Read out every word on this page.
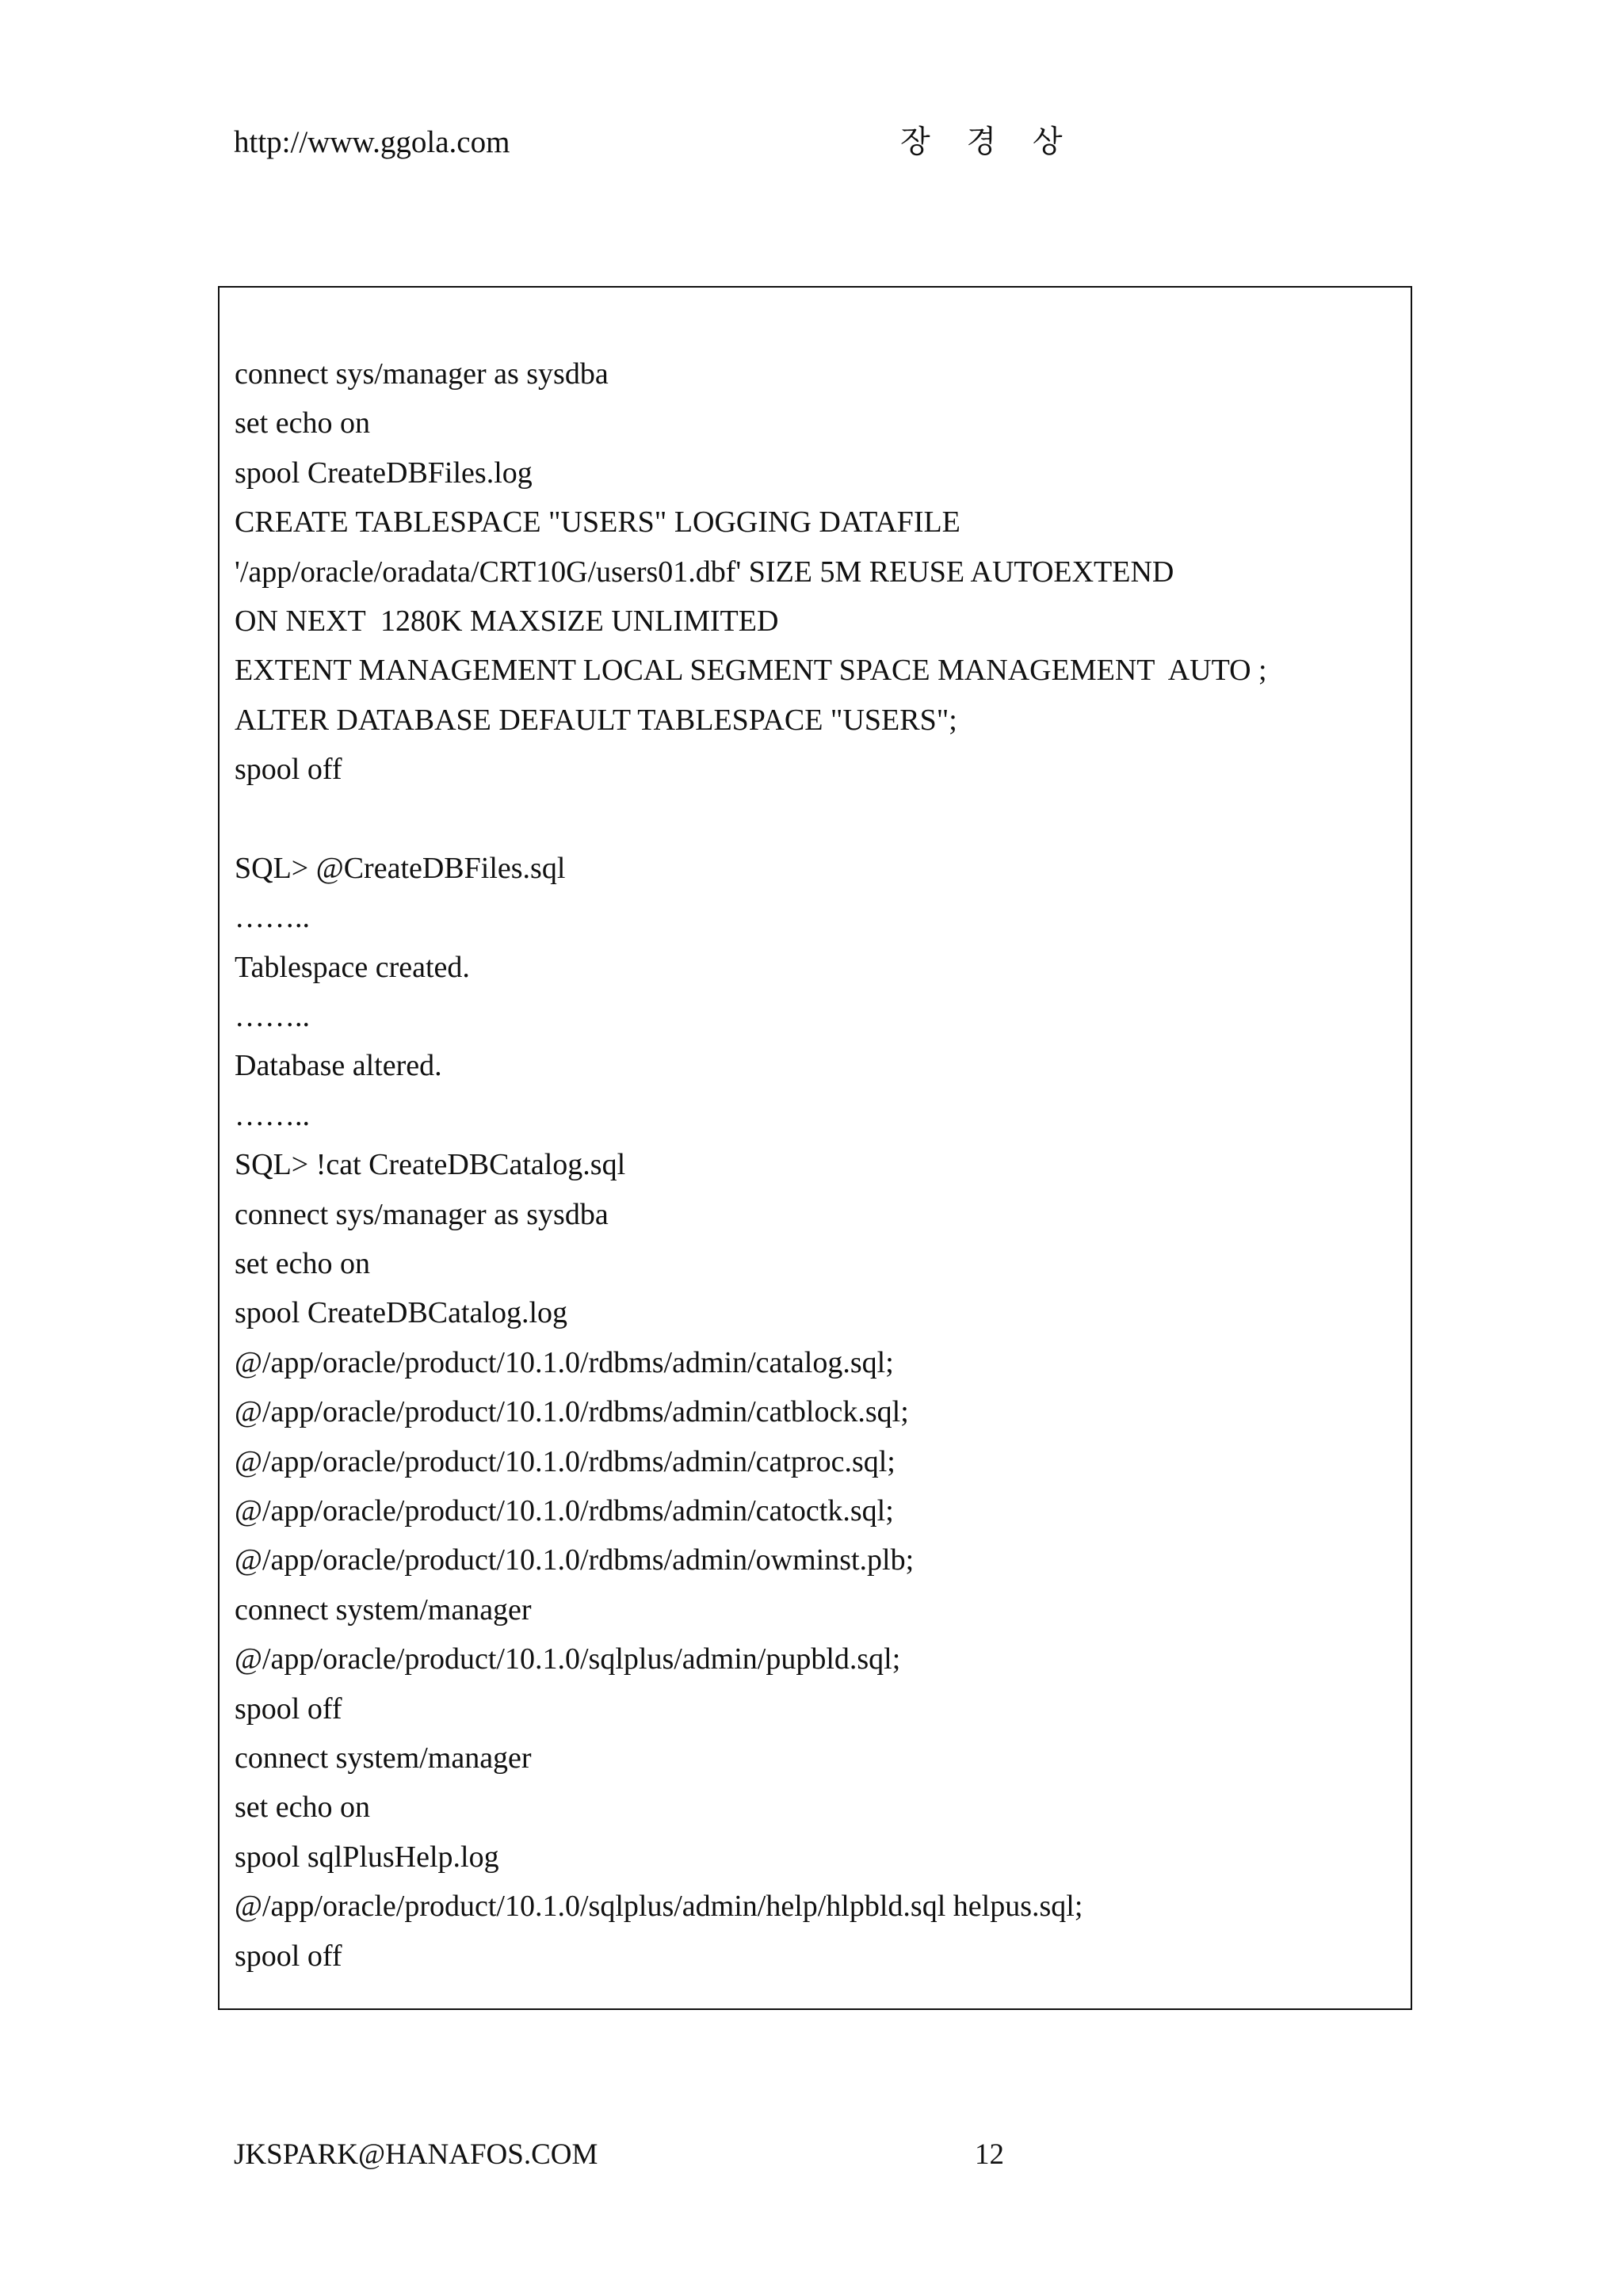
http://www.ggola.com	장 경 상
connect sys/manager as sysdba
set echo on
spool CreateDBFiles.log
CREATE TABLESPACE "USERS" LOGGING DATAFILE
'/app/oracle/oradata/CRT10G/users01.dbf' SIZE 5M REUSE AUTOEXTEND
ON NEXT  1280K MAXSIZE UNLIMITED
EXTENT MANAGEMENT LOCAL SEGMENT SPACE MANAGEMENT  AUTO ;
ALTER DATABASE DEFAULT TABLESPACE "USERS";
spool off
SQL> @CreateDBFiles.sql
……..
Tablespace created.
……..
Database altered.
……..
SQL> !cat CreateDBCatalog.sql
connect sys/manager as sysdba
set echo on
spool CreateDBCatalog.log
@/app/oracle/product/10.1.0/rdbms/admin/catalog.sql;
@/app/oracle/product/10.1.0/rdbms/admin/catblock.sql;
@/app/oracle/product/10.1.0/rdbms/admin/catproc.sql;
@/app/oracle/product/10.1.0/rdbms/admin/catoctk.sql;
@/app/oracle/product/10.1.0/rdbms/admin/owminst.plb;
connect system/manager
@/app/oracle/product/10.1.0/sqlplus/admin/pupbld.sql;
spool off
connect system/manager
set echo on
spool sqlPlusHelp.log
@/app/oracle/product/10.1.0/sqlplus/admin/help/hlpbld.sql helpus.sql;
spool off
JKSPARK@HANAFOS.COM	12
